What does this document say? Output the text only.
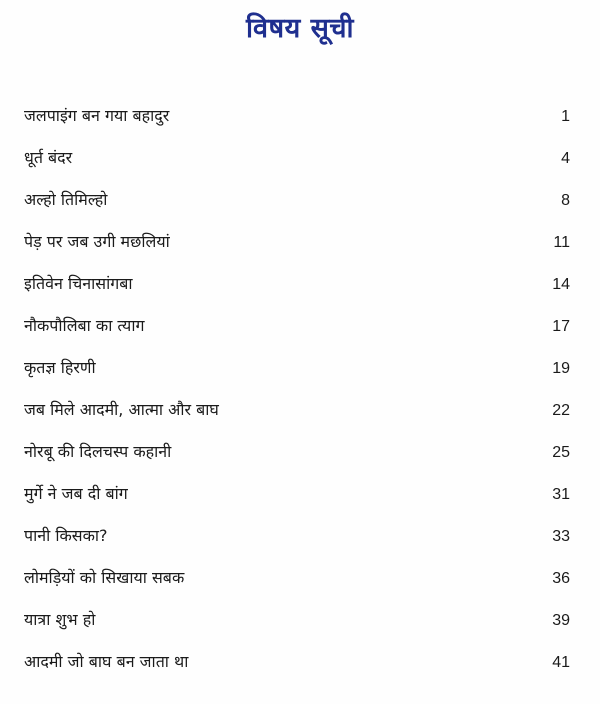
विषय सूची
जलपाइंग बन गया बहादुर	1
धूर्त बंदर	4
अल्हो तिमिल्हो	8
पेड़ पर जब उगी मछलियां	11
इतिवेन चिनासांगबा	14
नौकपौलिबा का त्याग	17
कृतज्ञ हिरणी	19
जब मिले आदमी, आत्मा और बाघ	22
नोरबू की दिलचस्प कहानी	25
मुर्गे ने जब दी बांग	31
पानी किसका?	33
लोमड़ियों को सिखाया सबक	36
यात्रा शुभ हो	39
आदमी जो बाघ बन जाता था	41
